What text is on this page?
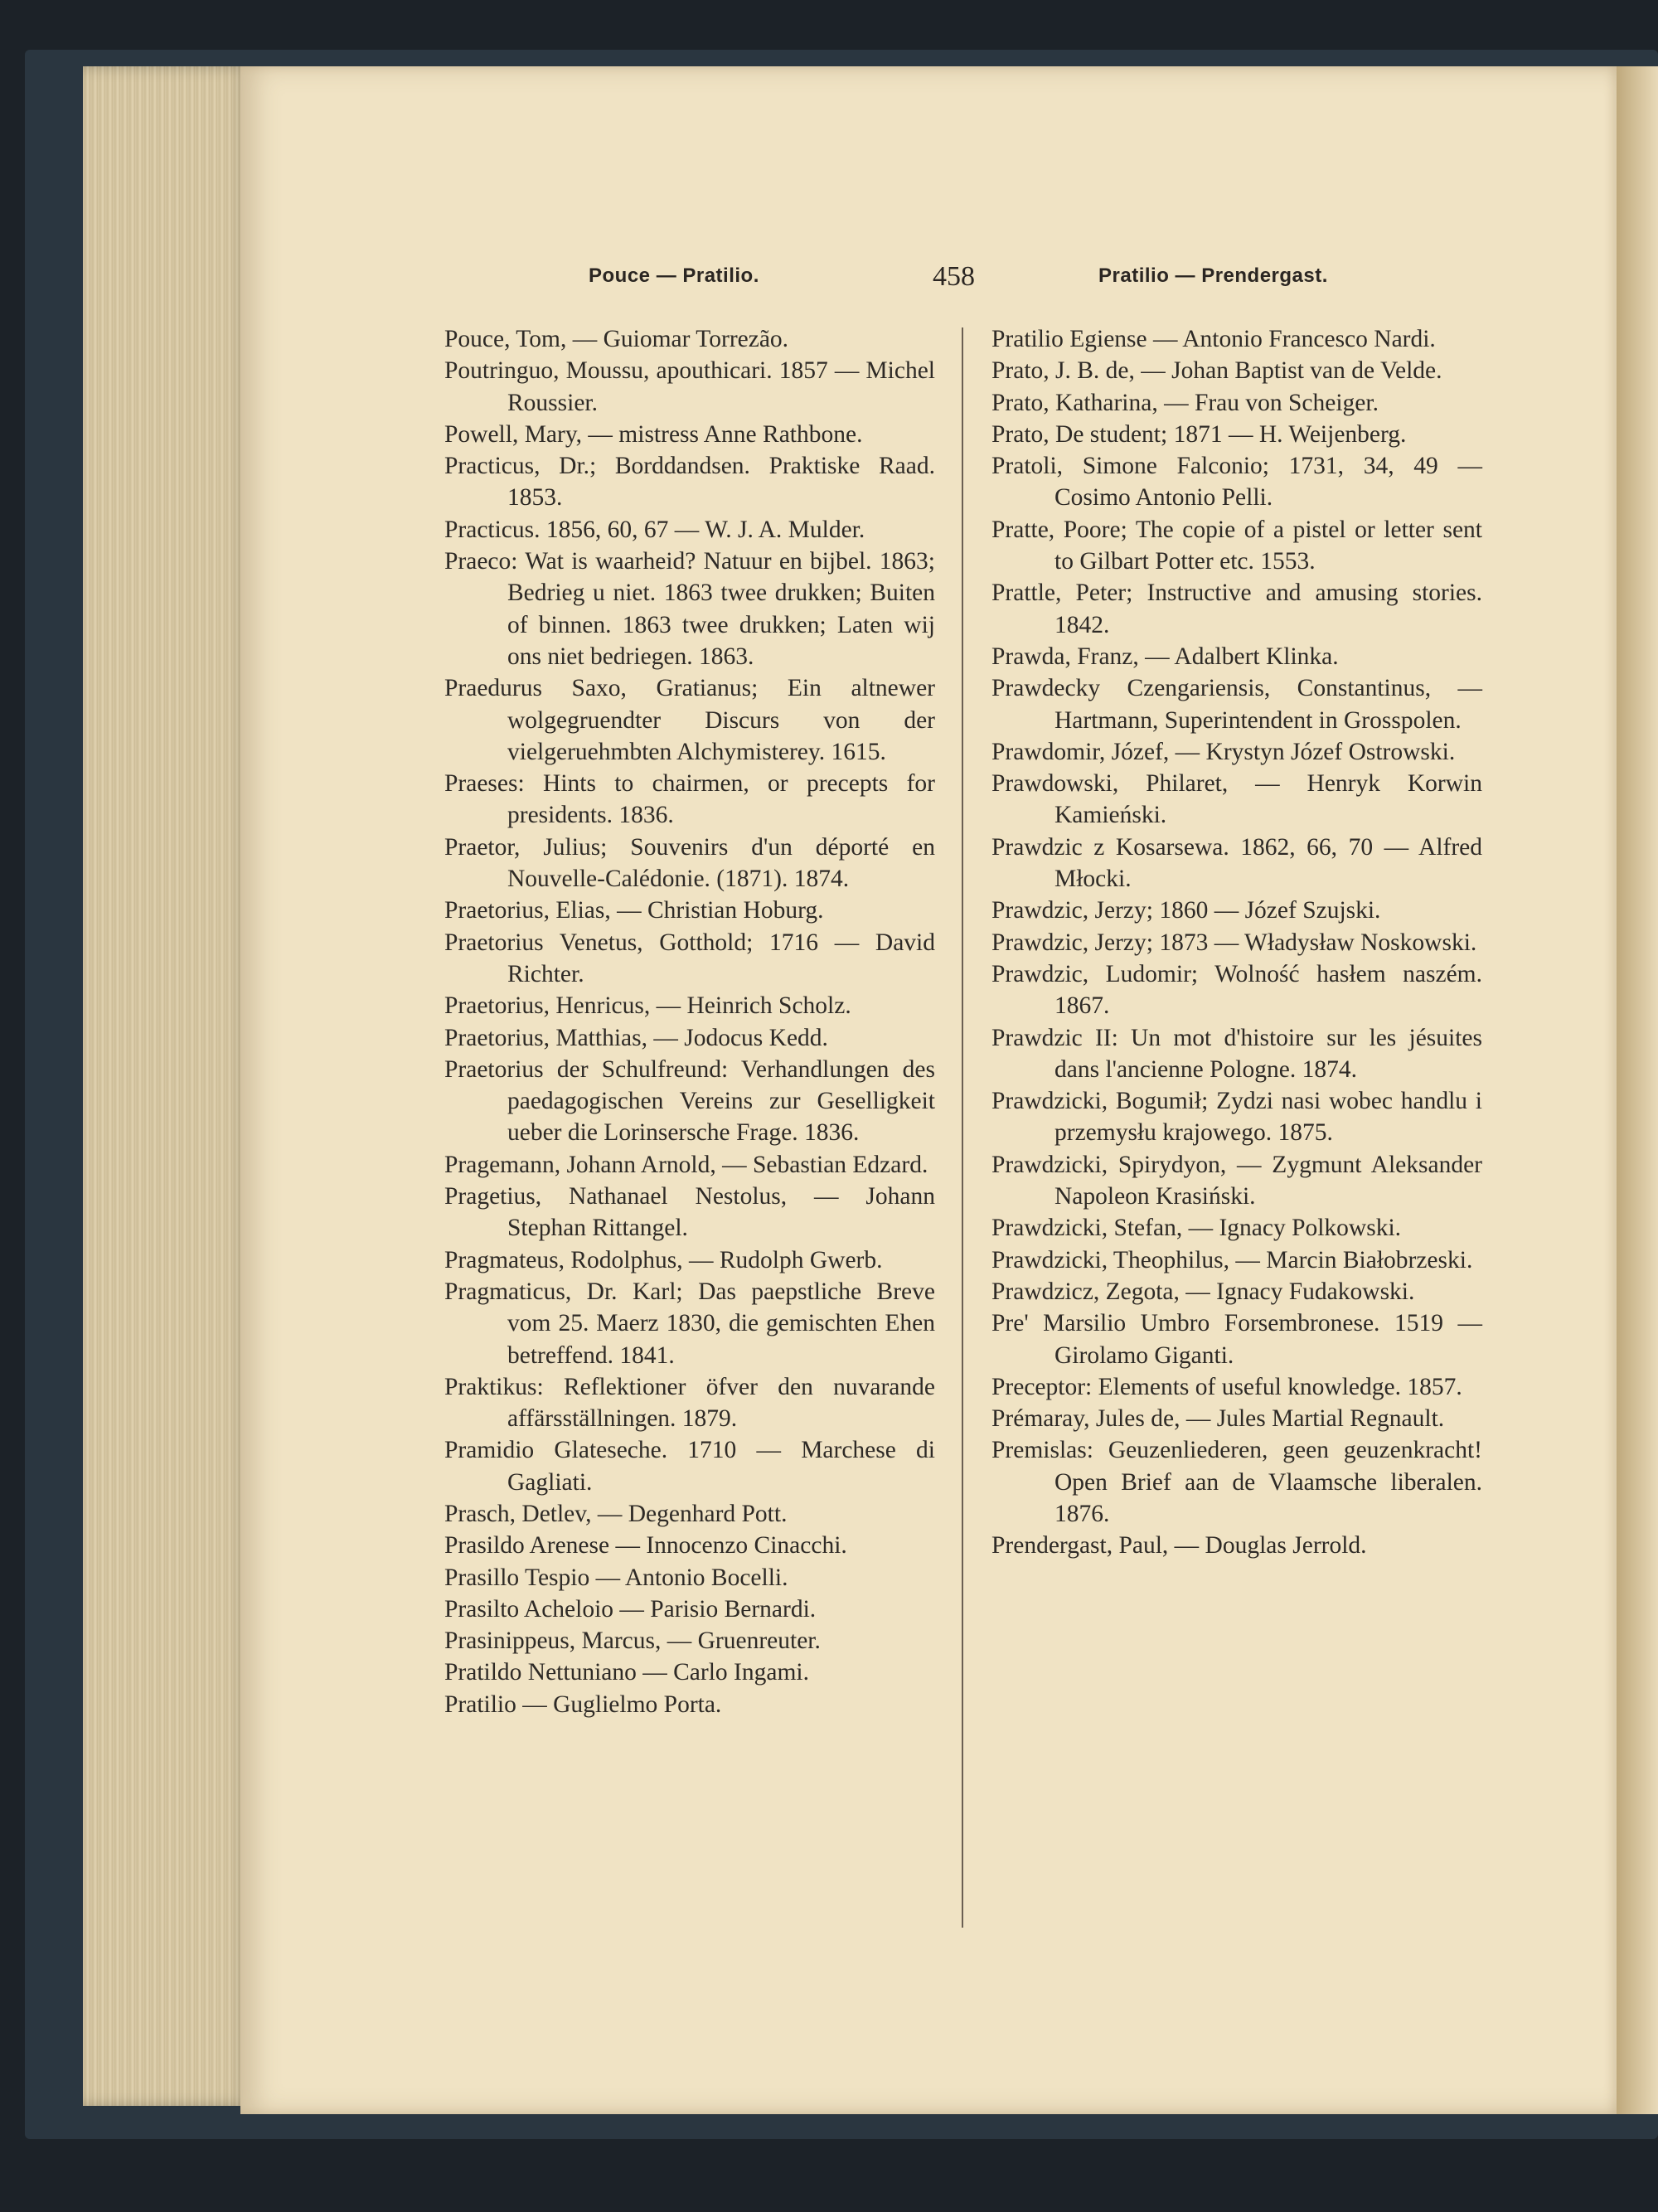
Pouce — Pratilio.	458	Pratilio — Prendergast.

Pouce, Tom, — Guiomar Torrezão.

Poutringuo, Moussu, apouthicari. 1857 — Michel Roussier.

Powell, Mary, — mistress Anne Rathbone.

Practicus, Dr.; Borddandsen. Praktiske Raad. 1853.

Practicus. 1856, 60, 67 — W. J. A. Mulder.

Praeco: Wat is waarheid? Natuur en bijbel. 1863; Bedrieg u niet. 1863 twee drukken; Buiten of binnen. 1863 twee drukken; Laten wij ons niet bedriegen. 1863.

Praedurus Saxo, Gratianus; Ein altnewer wolgegruendter Discurs von der vielgeruehmbten Alchymisterey. 1615.

Praeses: Hints to chairmen, or precepts for presidents. 1836.

Praetor, Julius; Souvenirs d'un déporté en Nouvelle-Calédonie. (1871). 1874.

Praetorius, Elias, — Christian Hoburg.

Praetorius Venetus, Gotthold; 1716 — David Richter.

Praetorius, Henricus, — Heinrich Scholz.

Praetorius, Matthias, — Jodocus Kedd.

Praetorius der Schulfreund: Verhandlungen des paedagogischen Vereins zur Geselligkeit ueber die Lorinsersche Frage. 1836.

Pragemann, Johann Arnold, — Sebastian Edzard.

Pragetius, Nathanael Nestolus, — Johann Stephan Rittangel.

Pragmateus, Rodolphus, — Rudolph Gwerb.

Pragmaticus, Dr. Karl; Das paepstliche Breve vom 25. Maerz 1830, die gemischten Ehen betreffend. 1841.

Praktikus: Reflektioner öfver den nuvarande affärsställningen. 1879.

Pramidio Glateseche. 1710 — Marchese di Gagliati.

Prasch, Detlev, — Degenhard Pott.

Prasildo Arenese — Innocenzo Cinacchi.

Prasillo Tespio — Antonio Bocelli.

Prasilto Acheloio — Parisio Bernardi.

Prasinippeus, Marcus, — Gruenreuter.

Pratildo Nettuniano — Carlo Ingami.

Pratilio — Guglielmo Porta.

Pratilio Egiense — Antonio Francesco Nardi.

Prato, J. B. de, — Johan Baptist van de Velde.

Prato, Katharina, — Frau von Scheiger.

Prato, De student; 1871 — H. Weijenberg.

Pratoli, Simone Falconio; 1731, 34, 49 — Cosimo Antonio Pelli.

Pratte, Poore; The copie of a pistel or letter sent to Gilbart Potter etc. 1553.

Prattle, Peter; Instructive and amusing stories. 1842.

Prawda, Franz, — Adalbert Klinka.

Prawdecky Czengariensis, Constantinus, — Hartmann, Superintendent in Grosspolen.

Prawdomir, Józef, — Krystyn Józef Ostrowski.

Prawdowski, Philaret, — Henryk Korwin Kamieński.

Prawdzic z Kosarsewa. 1862, 66, 70 — Alfred Młocki.

Prawdzic, Jerzy; 1860 — Józef Szujski.

Prawdzic, Jerzy; 1873 — Władysław Noskowski.

Prawdzic, Ludomir; Wolność hasłem naszém. 1867.

Prawdzic II: Un mot d'histoire sur les jésuites dans l'ancienne Pologne. 1874.

Prawdzicki, Bogumił; Zydzi nasi wobec handlu i przemysłu krajowego. 1875.

Prawdzicki, Spirydyon, — Zygmunt Aleksander Napoleon Krasiński.

Prawdzicki, Stefan, — Ignacy Polkowski.

Prawdzicki, Theophilus, — Marcin Białobrzeski.

Prawdzicz, Zegota, — Ignacy Fudakowski.

Pre' Marsilio Umbro Forsembronese. 1519 — Girolamo Giganti.

Preceptor: Elements of useful knowledge. 1857.

Prémaray, Jules de, — Jules Martial Regnault.

Premislas: Geuzenliederen, geen geuzenkracht! Open Brief aan de Vlaamsche liberalen. 1876.

Prendergast, Paul, — Douglas Jerrold.
